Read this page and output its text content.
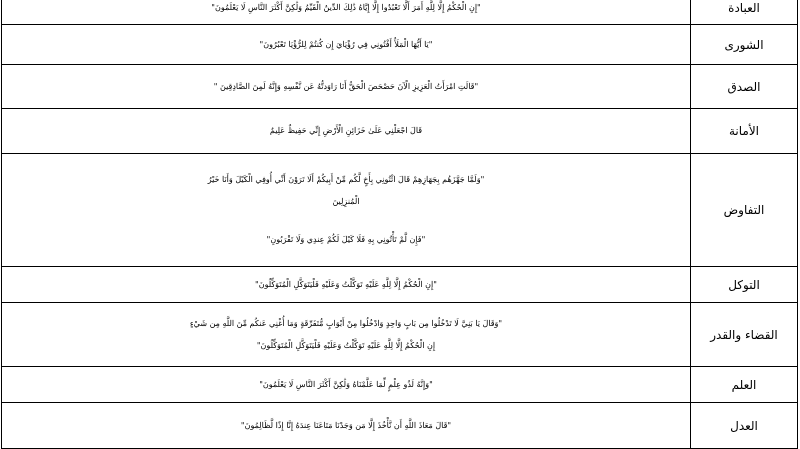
العبادة	"إِنِ الْحُكْمُ إِلَّا لِلَّهِ أَمَرَ أَلَّا تَعْبُدُوا إِلَّا إِيَّاهُ ذَٰلِكَ الدِّينُ الْقَيِّمُ وَلَٰكِنَّ أَكْثَرَ النَّاسِ لَا يَعْلَمُونَ"

الشورى	"يَا أَيُّهَا الْمَلَأُ أَفْتُونِي فِي رُؤْيَايَ إِن كُنتُمْ لِلرُّؤْيَا تَعْبُرُونَ"

الصدق	"قَالَتِ امْرَأَتُ الْعَزِيزِ الْآنَ حَصْحَصَ الْحَقُّ أَنَا رَاوَدتُّهُ عَن نَّفْسِهِ وَإِنَّهُ لَمِنَ الصَّادِقِينَ "

الأمانة	قَالَ اجْعَلْنِي عَلَىٰ خَزَائِنِ الْأَرْضِ إِنِّي حَفِيظٌ عَلِيمٌ

التفاوض	"وَلَمَّا جَهَّزَهُم بِجَهَازِهِمْ قَالَ ائْتُونِي بِأَخٍ لَّكُم مِّنْ أَبِيكُمْ أَلَا تَرَوْنَ أَنِّي أُوفِي الْكَيْلَ وَأَنَا خَيْرُ
الْمُنزِلِينَ
"فَإِن لَّمْ تَأْتُونِي بِهِ فَلَا كَيْلَ لَكُمْ عِندِي وَلَا تَقْرَبُونِ"

التوكل	"إِنِ الْحُكْمُ إِلَّا لِلَّهِ عَلَيْهِ تَوَكَّلْتُ وَعَلَيْهِ فَلْيَتَوَكَّلِ الْمُتَوَكِّلُونَ"

القضاء والقدر	"وَقَالَ يَا بَنِيَّ لَا تَدْخُلُوا مِن بَابٍ وَاحِدٍ وَادْخُلُوا مِنْ أَبْوَابٍ مُّتَفَرِّقَةٍ وَمَا أُغْنِي عَنكُم مِّنَ اللَّهِ مِن شَيْءٍ
إِنِ الْحُكْمُ إِلَّا لِلَّهِ عَلَيْهِ تَوَكَّلْتُ وَعَلَيْهِ فَلْيَتَوَكَّلِ الْمُتَوَكِّلُونَ"

العلم	"وَإِنَّهُ لَذُو عِلْمٍ لِّمَا عَلَّمْنَاهُ وَلَٰكِنَّ أَكْثَرَ النَّاسِ لَا يَعْلَمُونَ"

العدل	"قَالَ مَعَاذَ اللَّهِ أَن نَّأْخُذَ إِلَّا مَن وَجَدْنَا مَتَاعَنَا عِندَهُ إِنَّا إِذًا لَّظَالِمُونَ"
